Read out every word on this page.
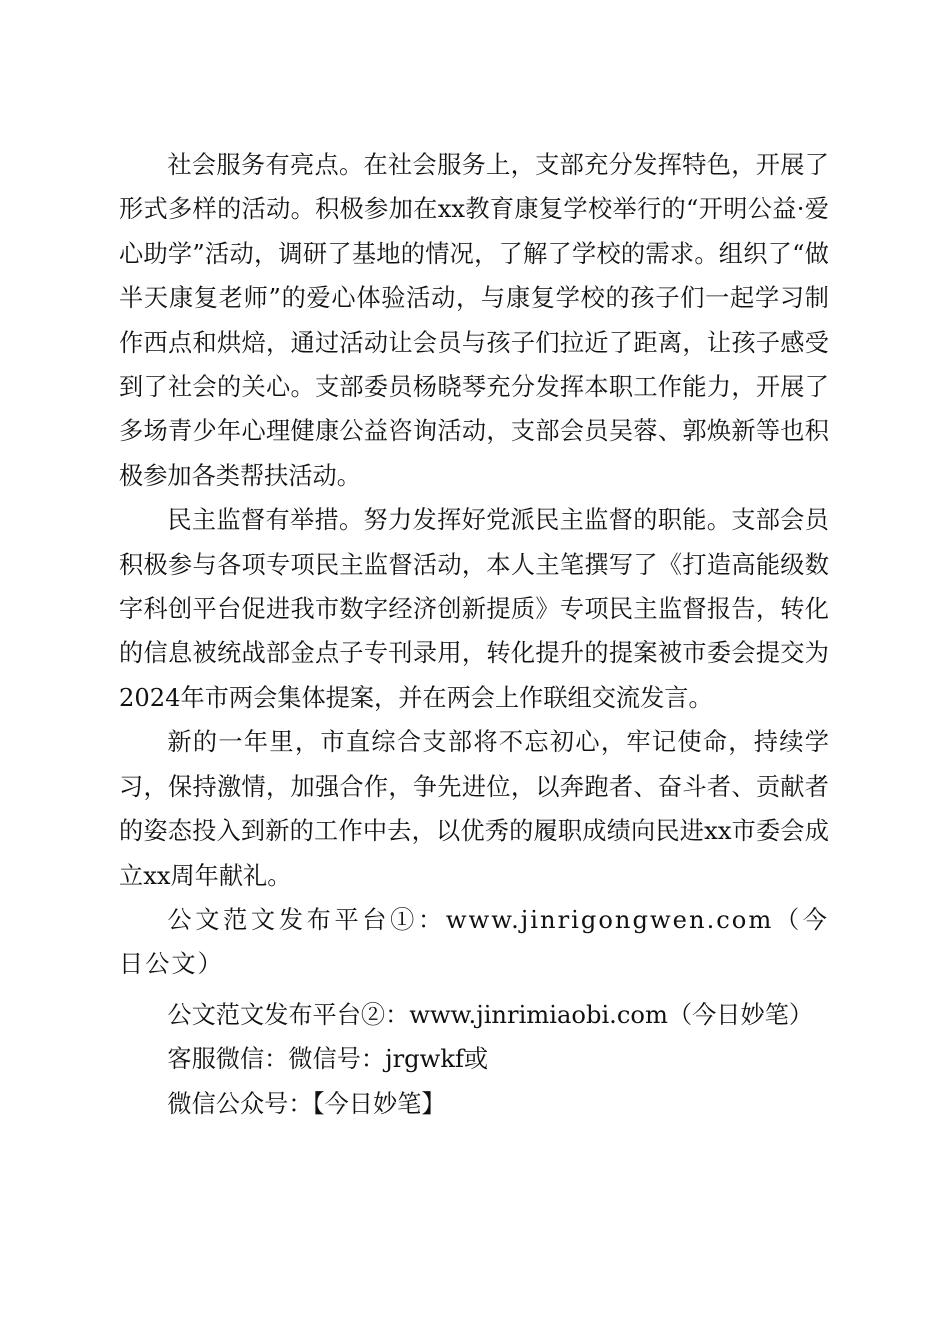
社会服务有亮点。在社会服务上，支部充分发挥特色，开展了形式多样的活动。积极参加在xx教育康复学校举行的“开明公益·爱心助学”活动，调研了基地的情况，了解了学校的需求。组织了“做半天康复老师”的爱心体验活动，与康复学校的孩子们一起学习制作西点和烘焙，通过活动让会员与孩子们拉近了距离，让孩子感受到了社会的关心。支部委员杨晓琴充分发挥本职工作能力，开展了多场青少年心理健康公益咨询活动，支部会员吴蓉、郭焕新等也积极参加各类帮扶活动。

民主监督有举措。努力发挥好党派民主监督的职能。支部会员积极参与各项专项民主监督活动，本人主笔撰写了《打造高能级数字科创平台促进我市数字经济创新提质》专项民主监督报告，转化的信息被统战部金点子专刊录用，转化提升的提案被市委会提交为2024年市两会集体提案，并在两会上作联组交流发言。

新的一年里，市直综合支部将不忘初心，牢记使命，持续学习，保持激情，加强合作，争先进位，以奔跑者、奋斗者、贡献者的姿态投入到新的工作中去，以优秀的履职成绩向民进xx市委会成立xx周年献礼。

公文范文发布平台①：www.jinrigongwen.com（今日公文）

公文范文发布平台②：www.jinrimiaobi.com（今日妙笔）

客服微信：微信号：jrgwkf或

微信公众号：【今日妙笔】
